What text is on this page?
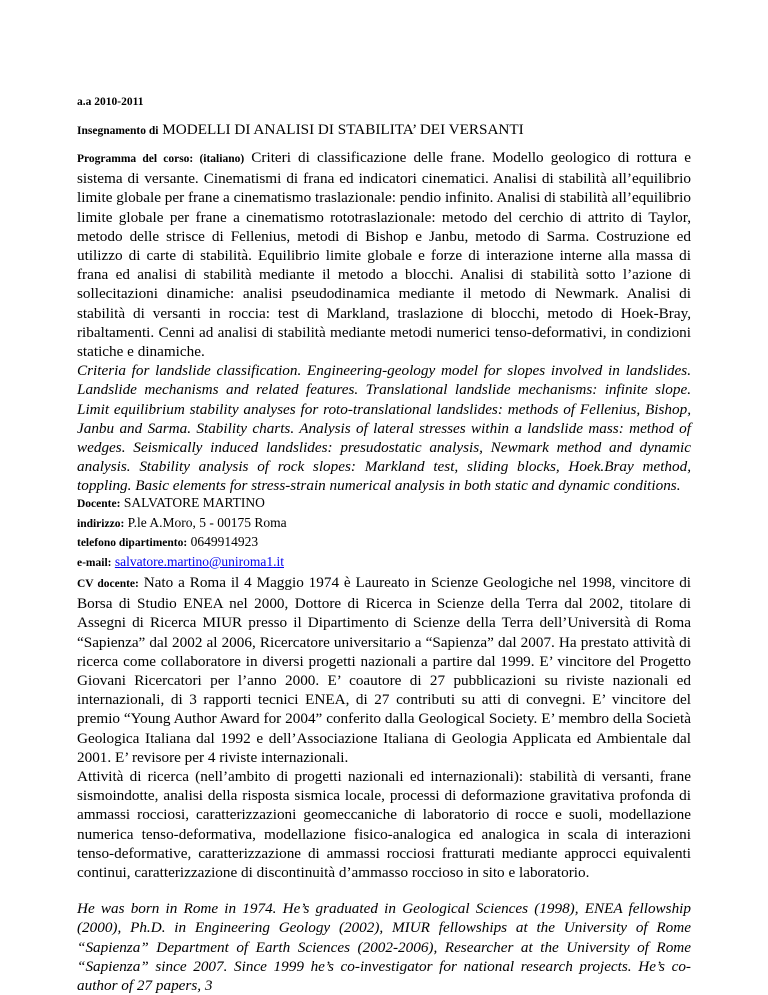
a.a 2010-2011
Insegnamento di MODELLI DI ANALISI DI STABILITA’ DEI VERSANTI

Programma del corso: (italiano) Criteri di classificazione delle frane. Modello geologico di rottura e sistema di versante. Cinematismi di frana ed indicatori cinematici. Analisi di stabilità all’equilibrio limite globale per frane a cinematismo traslazionale: pendio infinito. Analisi di stabilità all’equilibrio limite globale per frane a cinematismo rototraslazionale: metodo del cerchio di attrito di Taylor, metodo delle strisce di Fellenius, metodi di Bishop e Janbu, metodo di Sarma. Costruzione ed utilizzo di carte di stabilità. Equilibrio limite globale e forze di interazione interne alla massa di frana ed analisi di stabilità mediante il metodo a blocchi. Analisi di stabilità sotto l’azione di sollecitazioni dinamiche: analisi pseudodinamica mediante il metodo di Newmark. Analisi di stabilità di versanti in roccia: test di Markland, traslazione di blocchi, metodo di Hoek-Bray, ribaltamenti. Cenni ad analisi di stabilità mediante metodi numerici tenso-deformativi, in condizioni statiche e dinamiche.

Criteria for landslide classification. Engineering-geology model for slopes involved in landslides. Landslide mechanisms and related features. Translational landslide mechanisms: infinite slope. Limit equilibrium stability analyses for roto-translational landslides: methods of Fellenius, Bishop, Janbu and Sarma. Stability charts. Analysis of lateral stresses within a landslide mass: method of wedges. Seismically induced landslides: presudostatic analysis, Newmark method and dynamic analysis. Stability analysis of rock slopes: Markland test, sliding blocks, Hoek.Bray method, toppling. Basic elements for stress-strain numerical analysis in both static and dynamic conditions.

Docente: SALVATORE MARTINO
indirizzo: P.le A.Moro, 5 - 00175 Roma
telefono dipartimento: 0649914923
e-mail: salvatore.martino@uniroma1.it

CV docente: Nato a Roma il 4 Maggio 1974 è Laureato in Scienze Geologiche nel 1998, vincitore di Borsa di Studio ENEA nel 2000, Dottore di Ricerca in Scienze della Terra dal 2002, titolare di Assegni di Ricerca MIUR presso il Dipartimento di Scienze della Terra dell’Università di Roma “Sapienza” dal 2002 al 2006, Ricercatore universitario a “Sapienza” dal 2007. Ha prestato attività di ricerca come collaboratore in diversi progetti nazionali a partire dal 1999. E’ vincitore del Progetto Giovani Ricercatori per l’anno 2000. E’ coautore di 27 pubblicazioni su riviste nazionali ed internazionali, di 3 rapporti tecnici ENEA, di 27 contributi su atti di convegni. E’ vincitore del premio “Young Author Award for 2004” conferito dalla Geological Society. E’ membro della Società Geologica Italiana dal 1992 e dell’Associazione Italiana di Geologia Applicata ed Ambientale dal 2001. E’ revisore per 4 riviste internazionali.

Attività di ricerca (nell’ambito di progetti nazionali ed internazionali): stabilità di versanti, frane sismoindotte, analisi della risposta sismica locale, processi di deformazione gravitativa profonda di ammassi rocciosi, caratterizzazioni geomeccaniche di laboratorio di rocce e suoli, modellazione numerica tenso-deformativa, modellazione fisico-analogica ed analogica in scala di interazioni tenso-deformative, caratterizzazione di ammassi rocciosi fratturati mediante approcci equivalenti continui, caratterizzazione di discontinuità d’ammasso roccioso in sito e laboratorio.

He was born in Rome in 1974. He’s graduated in Geological Sciences (1998), ENEA fellowship (2000), Ph.D. in Engineering Geology (2002), MIUR fellowships at the University of Rome “Sapienza” Department of Earth Sciences (2002-2006), Researcher at the University of Rome “Sapienza” since 2007. Since 1999 he’s co-investigator for national research projects. He’s co-author of 27 papers, 3
